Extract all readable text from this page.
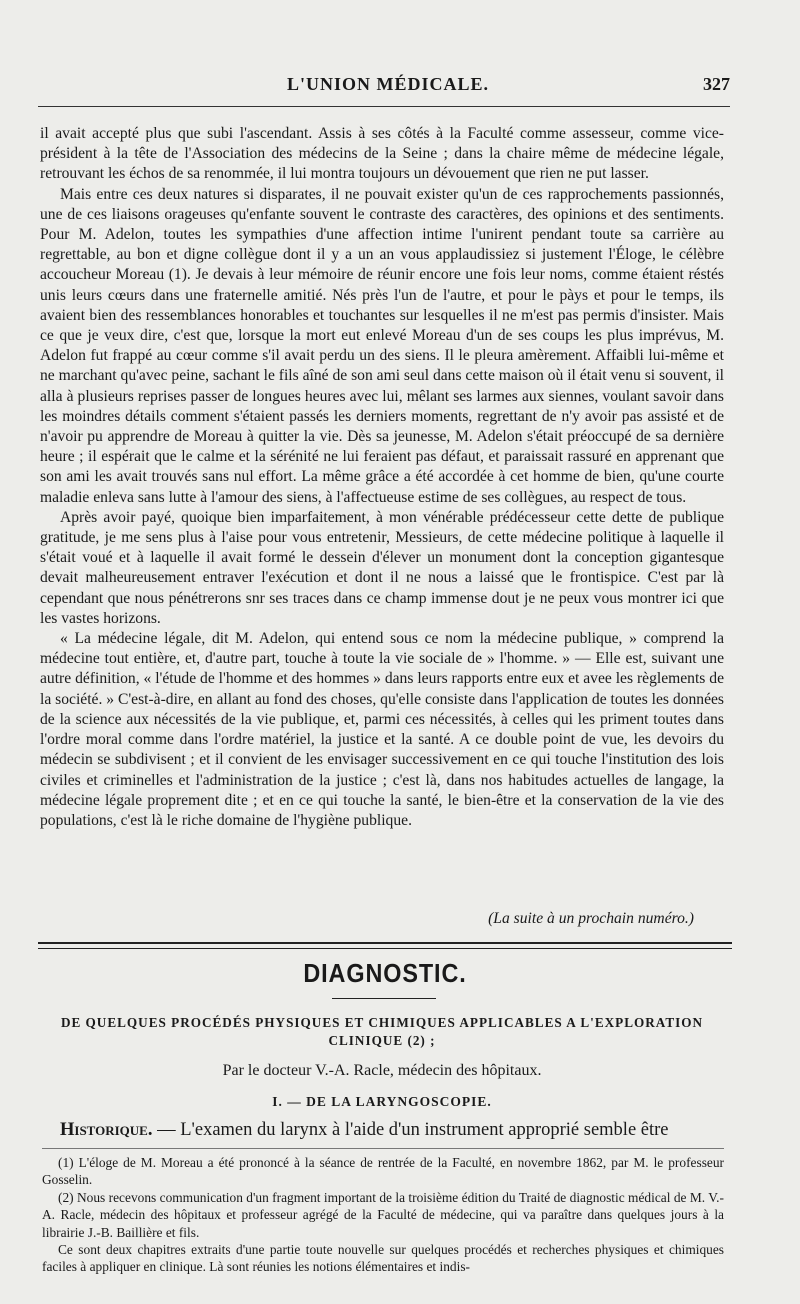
L'UNION MÉDICALE.	327

il avait accepté plus que subi l'ascendant. Assis à ses côtés à la Faculté comme assesseur, comme vice-président à la tête de l'Association des médecins de la Seine ; dans la chaire même de médecine légale, retrouvant les échos de sa renommée, il lui montra toujours un dévouement que rien ne put lasser.

Mais entre ces deux natures si disparates, il ne pouvait exister qu'un de ces rapprochements passionnés, une de ces liaisons orageuses qu'enfante souvent le contraste des caractères, des opinions et des sentiments. Pour M. Adelon, toutes les sympathies d'une affection intime l'unirent pendant toute sa carrière au regrettable, au bon et digne collègue dont il y a un an vous applaudissiez si justement l'Éloge, le célèbre accoucheur Moreau (1). Je devais à leur mémoire de réunir encore une fois leur noms, comme étaient réstés unis leurs cœurs dans une fraternelle amitié. Nés près l'un de l'autre, et pour le pàys et pour le temps, ils avaient bien des ressemblances honorables et touchantes sur lesquelles il ne m'est pas permis d'insister. Mais ce que je veux dire, c'est que, lorsque la mort eut enlevé Moreau d'un de ses coups les plus imprévus, M. Adelon fut frappé au cœur comme s'il avait perdu un des siens. Il le pleura amèrement. Affaibli lui-même et ne marchant qu'avec peine, sachant le fils aîné de son ami seul dans cette maison où il était venu si souvent, il alla à plusieurs reprises passer de longues heures avec lui, mêlant ses larmes aux siennes, voulant savoir dans les moindres détails comment s'étaient passés les derniers moments, regrettant de n'y avoir pas assisté et de n'avoir pu apprendre de Moreau à quitter la vie. Dès sa jeunesse, M. Adelon s'était préoccupé de sa dernière heure ; il espérait que le calme et la sérénité ne lui feraient pas défaut, et paraissait rassuré en apprenant que son ami les avait trouvés sans nul effort. La même grâce a été accordée à cet homme de bien, qu'une courte maladie enleva sans lutte à l'amour des siens, à l'affectueuse estime de ses collègues, au respect de tous.

Après avoir payé, quoique bien imparfaitement, à mon vénérable prédécesseur cette dette de publique gratitude, je me sens plus à l'aise pour vous entretenir, Messieurs, de cette médecine politique à laquelle il s'était voué et à laquelle il avait formé le dessein d'élever un monument dont la conception gigantesque devait malheureusement entraver l'exécution et dont il ne nous a laissé que le frontispice. C'est par là cependant que nous pénétrerons snr ses traces dans ce champ immense dout je ne peux vous montrer ici que les vastes horizons.

« La médecine légale, dit M. Adelon, qui entend sous ce nom la médecine publique, » comprend la médecine tout entière, et, d'autre part, touche à toute la vie sociale de » l'homme. » — Elle est, suivant une autre définition, « l'étude de l'homme et des hommes » dans leurs rapports entre eux et avee les règlements de la société. » C'est-à-dire, en allant au fond des choses, qu'elle consiste dans l'application de toutes les données de la science aux nécessités de la vie publique, et, parmi ces nécessités, à celles qui les priment toutes dans l'ordre moral comme dans l'ordre matériel, la justice et la santé. A ce double point de vue, les devoirs du médecin se subdivisent ; et il convient de les envisager successivement en ce qui touche l'institution des lois civiles et criminelles et l'administration de la justice ; c'est là, dans nos habitudes actuelles de langage, la médecine légale proprement dite ; et en ce qui touche la santé, le bien-être et la conservation de la vie des populations, c'est là le riche domaine de l'hygiène publique.

(La suite à un prochain numéro.)
DIAGNOSTIC.
DE QUELQUES PROCÉDÉS PHYSIQUES ET CHIMIQUES APPLICABLES A L'EXPLORATION CLINIQUE (2) ;
Par le docteur V.-A. Racle, médecin des hôpitaux.
I. — DE LA LARYNGOSCOPIE.
Historique. — L'examen du larynx à l'aide d'un instrument approprié semble être

(1) L'éloge de M. Moreau a été prononcé à la séance de rentrée de la Faculté, en novembre 1862, par M. le professeur Gosselin.

(2) Nous recevons communication d'un fragment important de la troisième édition du Traité de diagnostic médical de M. V.-A. Racle, médecin des hôpitaux et professeur agrégé de la Faculté de médecine, qui va paraître dans quelques jours à la librairie J.-B. Baillière et fils.

Ce sont deux chapitres extraits d'une partie toute nouvelle sur quelques procédés et recherches physiques et chimiques faciles à appliquer en clinique. Là sont réunies les notions élémentaires et indis-
